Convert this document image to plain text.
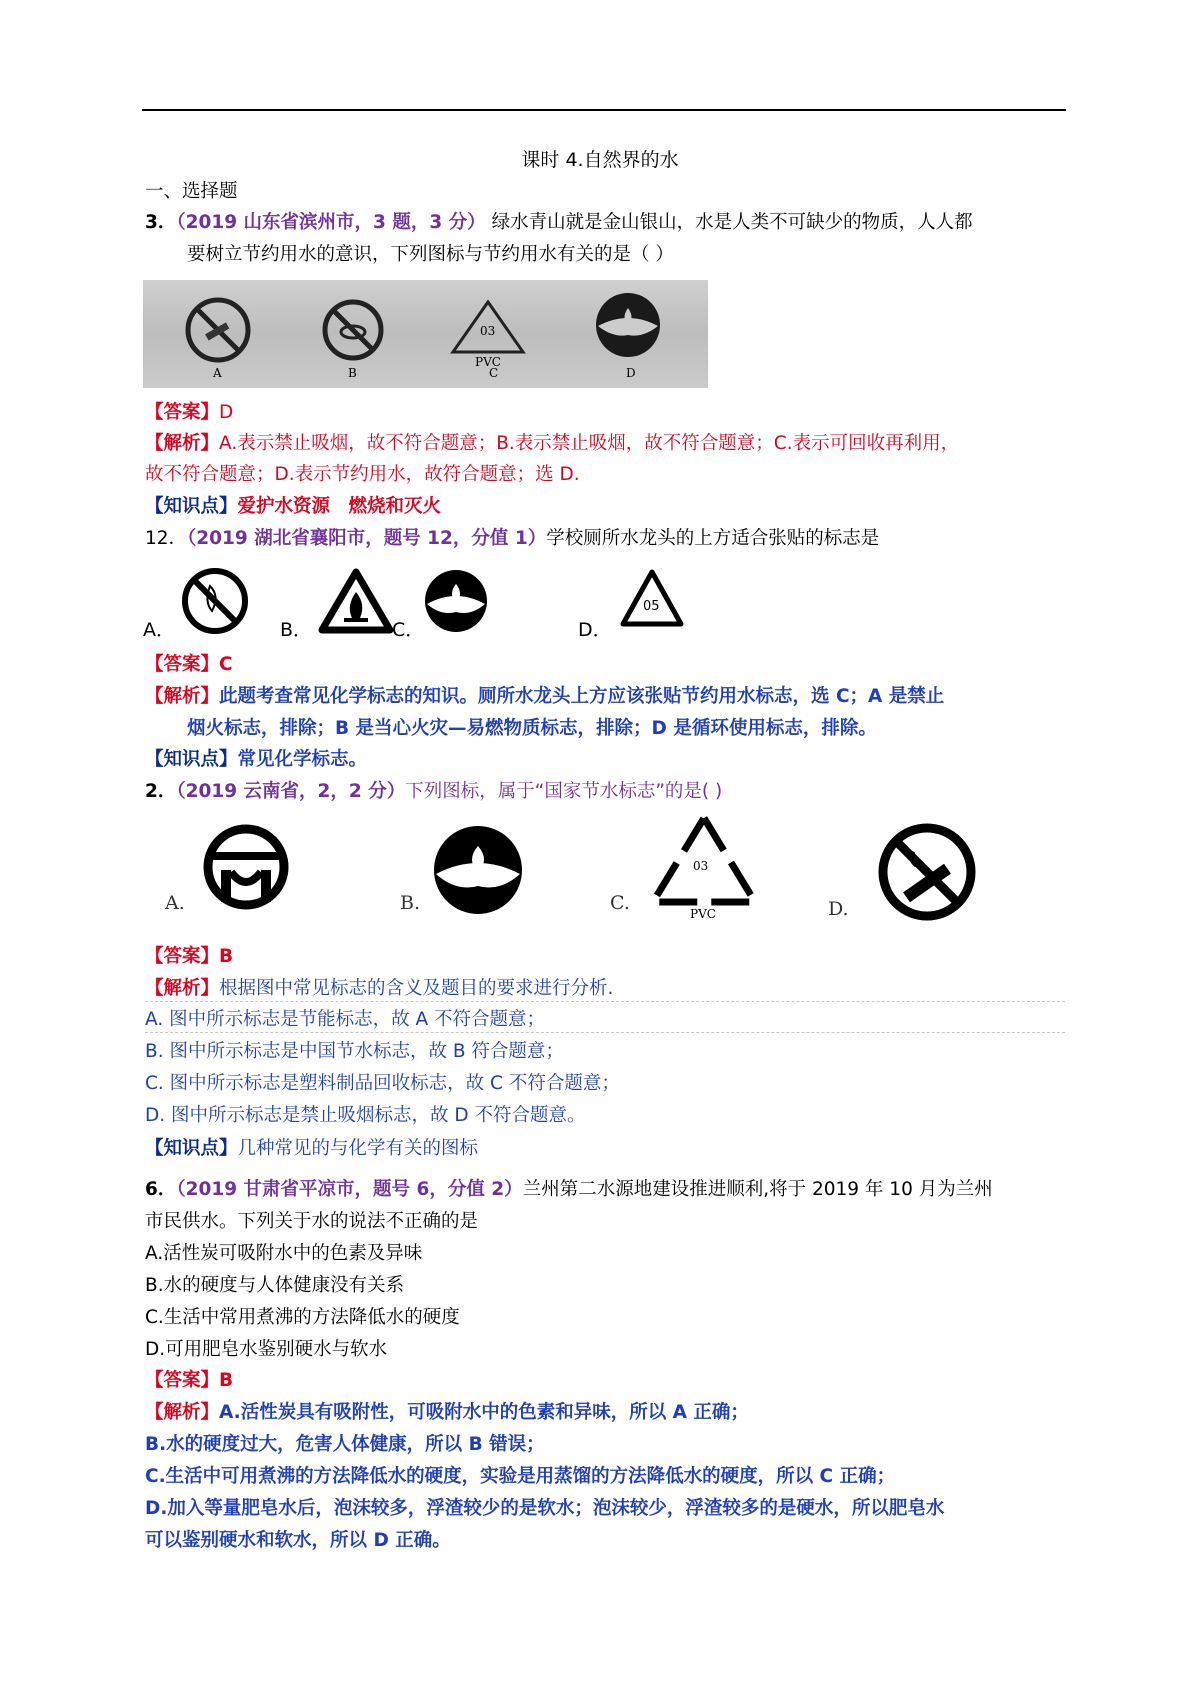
课时 4.自然界的水
一、选择题
3．（2019 山东省滨州市，3 题，3 分） 绿水青山就是金山银山，水是人类不可缺少的物质，人人都
要树立节约用水的意识，下列图标与节约用水有关的是（ ）
03
PVC
A	B	C	D
【答案】D
【解析】A.表示禁止吸烟，故不符合题意；B.表示禁止吸烟，故不符合题意；C.表示可回收再利用，
故不符合题意；D.表示节约用水，故符合题意；选 D.
【知识点】爱护水资源　燃烧和灭火
12．（2019 湖北省襄阳市，题号 12，分值 1）学校厕所水龙头的上方适合张贴的标志是
05
A．	B．	C．	D．
【答案】C
【解析】此题考查常见化学标志的知识。厕所水龙头上方应该张贴节约用水标志，选 C；A 是禁止
烟火标志，排除；B 是当心火灾—易燃物质标志，排除；D 是循环使用标志，排除。
【知识点】常见化学标志。
2．（2019 云南省，2，2 分）下列图标，属于“国家节水标志”的是( )
03
PVC
A.	B.	C.	D.
【答案】B
【解析】根据图中常见标志的含义及题目的要求进行分析.
A. 图中所示标志是节能标志，故 A 不符合题意；
B. 图中所示标志是中国节水标志，故 B 符合题意；
C. 图中所示标志是塑料制品回收标志，故 C 不符合题意；
D. 图中所示标志是禁止吸烟标志，故 D 不符合题意。
【知识点】几种常见的与化学有关的图标
6．（2019 甘肃省平凉市，题号 6，分值 2）兰州第二水源地建设推进顺利,将于 2019 年 10 月为兰州
市民供水。下列关于水的说法不正确的是
A.活性炭可吸附水中的色素及异味
B.水的硬度与人体健康没有关系
C.生活中常用煮沸的方法降低水的硬度
D.可用肥皂水鉴别硬水与软水
【答案】B
【解析】A.活性炭具有吸附性，可吸附水中的色素和异味，所以 A 正确；
B.水的硬度过大，危害人体健康，所以 B 错误；
C.生活中可用煮沸的方法降低水的硬度，实验是用蒸馏的方法降低水的硬度，所以 C 正确；
D.加入等量肥皂水后，泡沫较多，浮渣较少的是软水；泡沫较少，浮渣较多的是硬水，所以肥皂水
可以鉴别硬水和软水，所以 D 正确。
